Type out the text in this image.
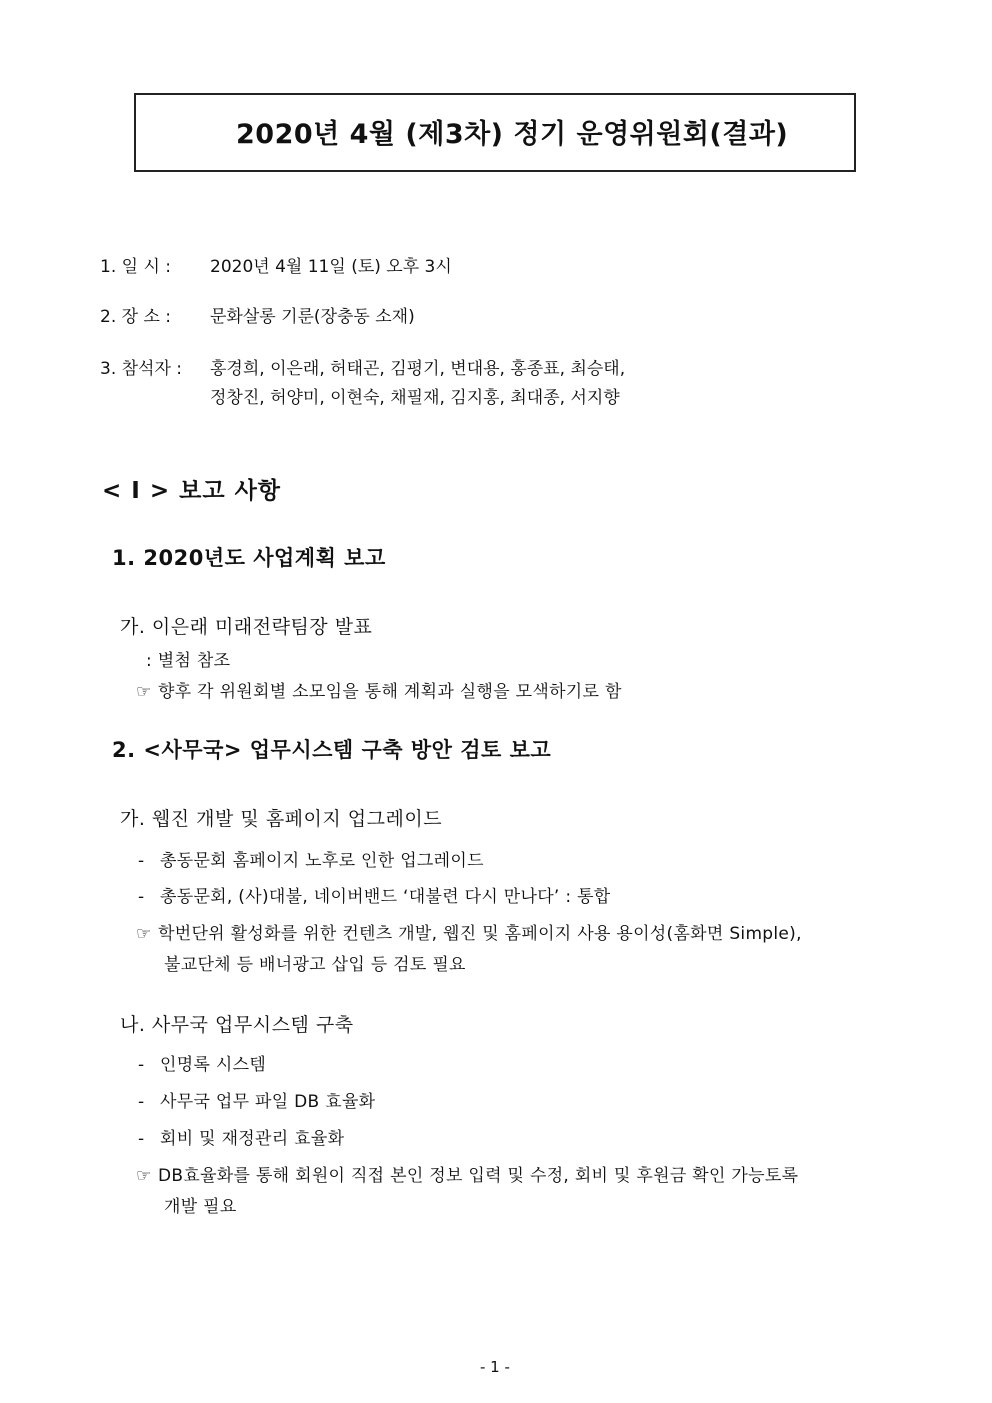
2020년 4월 (제3차) 정기 운영위원회(결과)
1. 일 시 : 2020년 4월 11일 (토) 오후 3시
2. 장 소 : 문화살롱 기룬(장충동 소재)
3. 참석자 : 홍경희, 이은래, 허태곤, 김평기, 변대용, 홍종표, 최승태,
정창진, 허양미, 이현숙, 채필재, 김지홍, 최대종, 서지향
< I > 보고 사항
1. 2020년도 사업계획 보고
가. 이은래 미래전략팀장 발표
: 별첨 참조
☞ 향후 각 위원회별 소모임을 통해 계획과 실행을 모색하기로 함
2. <사무국> 업무시스템 구축 방안 검토 보고
가. 웹진 개발 및 홈페이지 업그레이드
- 총동문회 홈페이지 노후로 인한 업그레이드
- 총동문회, (사)대불, 네이버밴드 ‘대불련 다시 만나다’ : 통합
☞ 학번단위 활성화를 위한 컨텐츠 개발, 웹진 및 홈페이지 사용 용이성(홈화면 Simple),
불교단체 등 배너광고 삽입 등 검토 필요
나. 사무국 업무시스템 구축
- 인명록 시스템
- 사무국 업무 파일 DB 효율화
- 회비 및 재정관리 효율화
☞ DB효율화를 통해 회원이 직접 본인 정보 입력 및 수정, 회비 및 후원금 확인 가능토록
개발 필요
- 1 -
